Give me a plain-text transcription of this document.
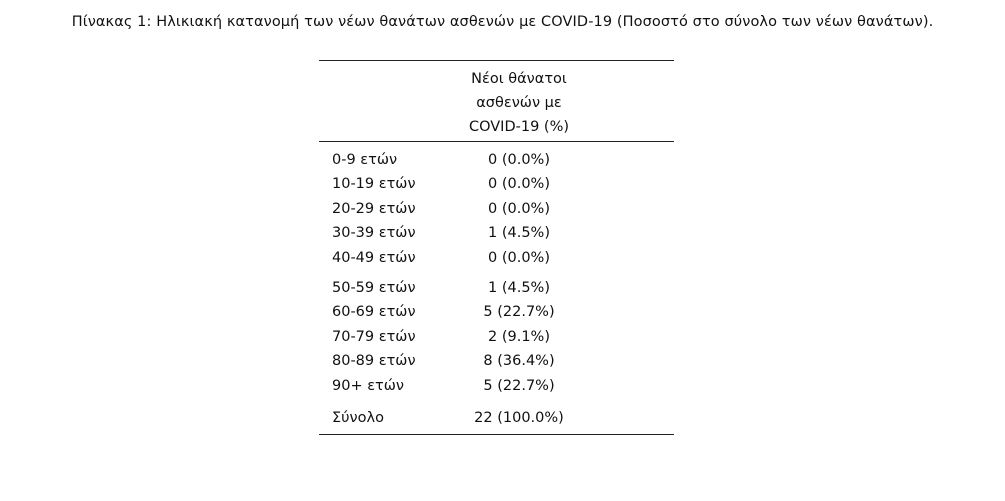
Πίνακας 1: Ηλικιακή κατανομή των νέων θανάτων ασθενών με COVID-19 (Ποσοστό στο σύνολο των νέων θανάτων).
Νέοι θάνατοι
ασθενών με
COVID-19 (%)
0-9 ετών	0 (0.0%)
10-19 ετών	0 (0.0%)
20-29 ετών	0 (0.0%)
30-39 ετών	1 (4.5%)
40-49 ετών	0 (0.0%)
50-59 ετών	1 (4.5%)
60-69 ετών	5 (22.7%)
70-79 ετών	2 (9.1%)
80-89 ετών	8 (36.4%)
90+ ετών	5 (22.7%)
Σύνολο	22 (100.0%)
